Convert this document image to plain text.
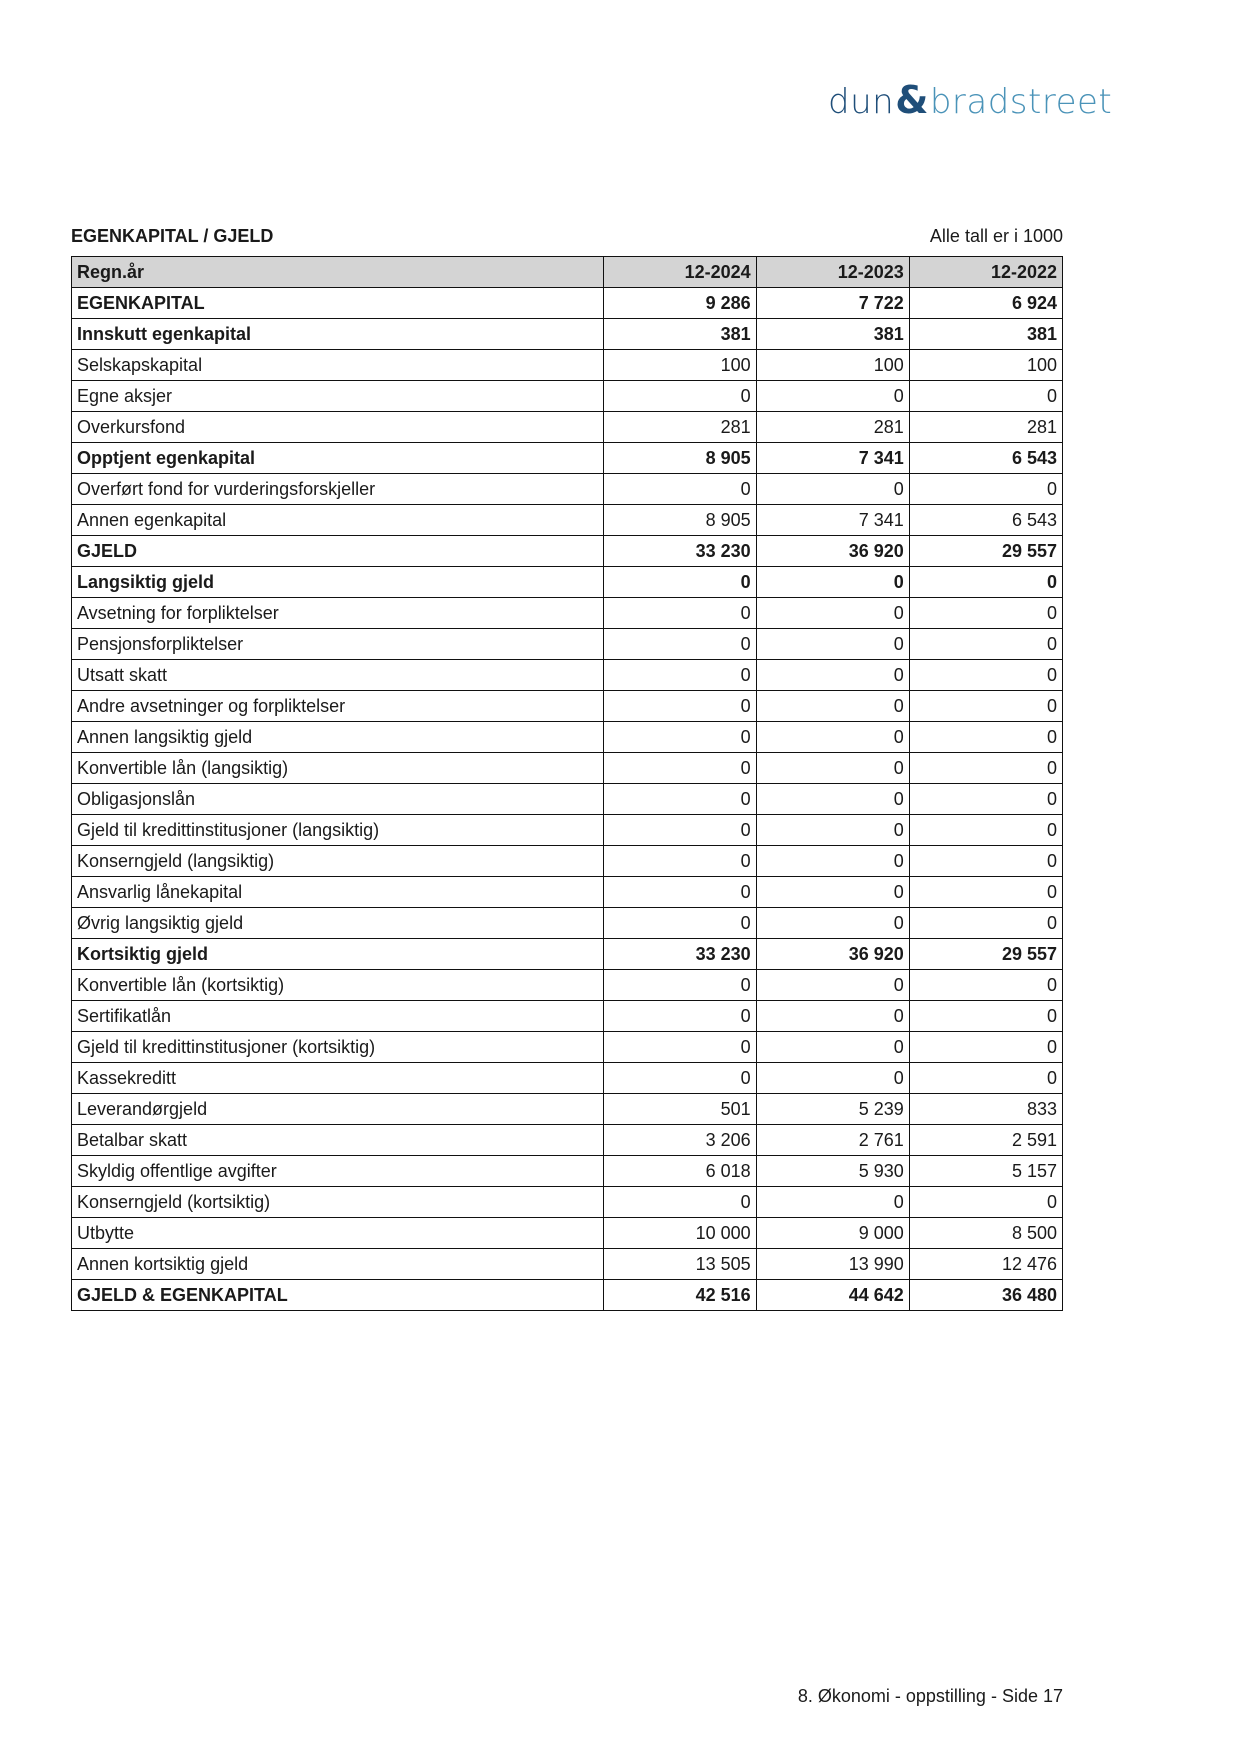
dun&bradstreet
EGENKAPITAL / GJELD	Alle tall er i 1000
Regn.år	12-2024	12-2023	12-2022
EGENKAPITAL	9 286	7 722	6 924
Innskutt egenkapital	381	381	381
Selskapskapital	100	100	100
Egne aksjer	0	0	0
Overkursfond	281	281	281
Opptjent egenkapital	8 905	7 341	6 543
Overført fond for vurderingsforskjeller	0	0	0
Annen egenkapital	8 905	7 341	6 543
GJELD	33 230	36 920	29 557
Langsiktig gjeld	0	0	0
Avsetning for forpliktelser	0	0	0
Pensjonsforpliktelser	0	0	0
Utsatt skatt	0	0	0
Andre avsetninger og forpliktelser	0	0	0
Annen langsiktig gjeld	0	0	0
Konvertible lån (langsiktig)	0	0	0
Obligasjonslån	0	0	0
Gjeld til kredittinstitusjoner (langsiktig)	0	0	0
Konserngjeld (langsiktig)	0	0	0
Ansvarlig lånekapital	0	0	0
Øvrig langsiktig gjeld	0	0	0
Kortsiktig gjeld	33 230	36 920	29 557
Konvertible lån (kortsiktig)	0	0	0
Sertifikatlån	0	0	0
Gjeld til kredittinstitusjoner (kortsiktig)	0	0	0
Kassekreditt	0	0	0
Leverandørgjeld	501	5 239	833
Betalbar skatt	3 206	2 761	2 591
Skyldig offentlige avgifter	6 018	5 930	5 157
Konserngjeld (kortsiktig)	0	0	0
Utbytte	10 000	9 000	8 500
Annen kortsiktig gjeld	13 505	13 990	12 476
GJELD & EGENKAPITAL	42 516	44 642	36 480
8. Økonomi - oppstilling - Side 17
